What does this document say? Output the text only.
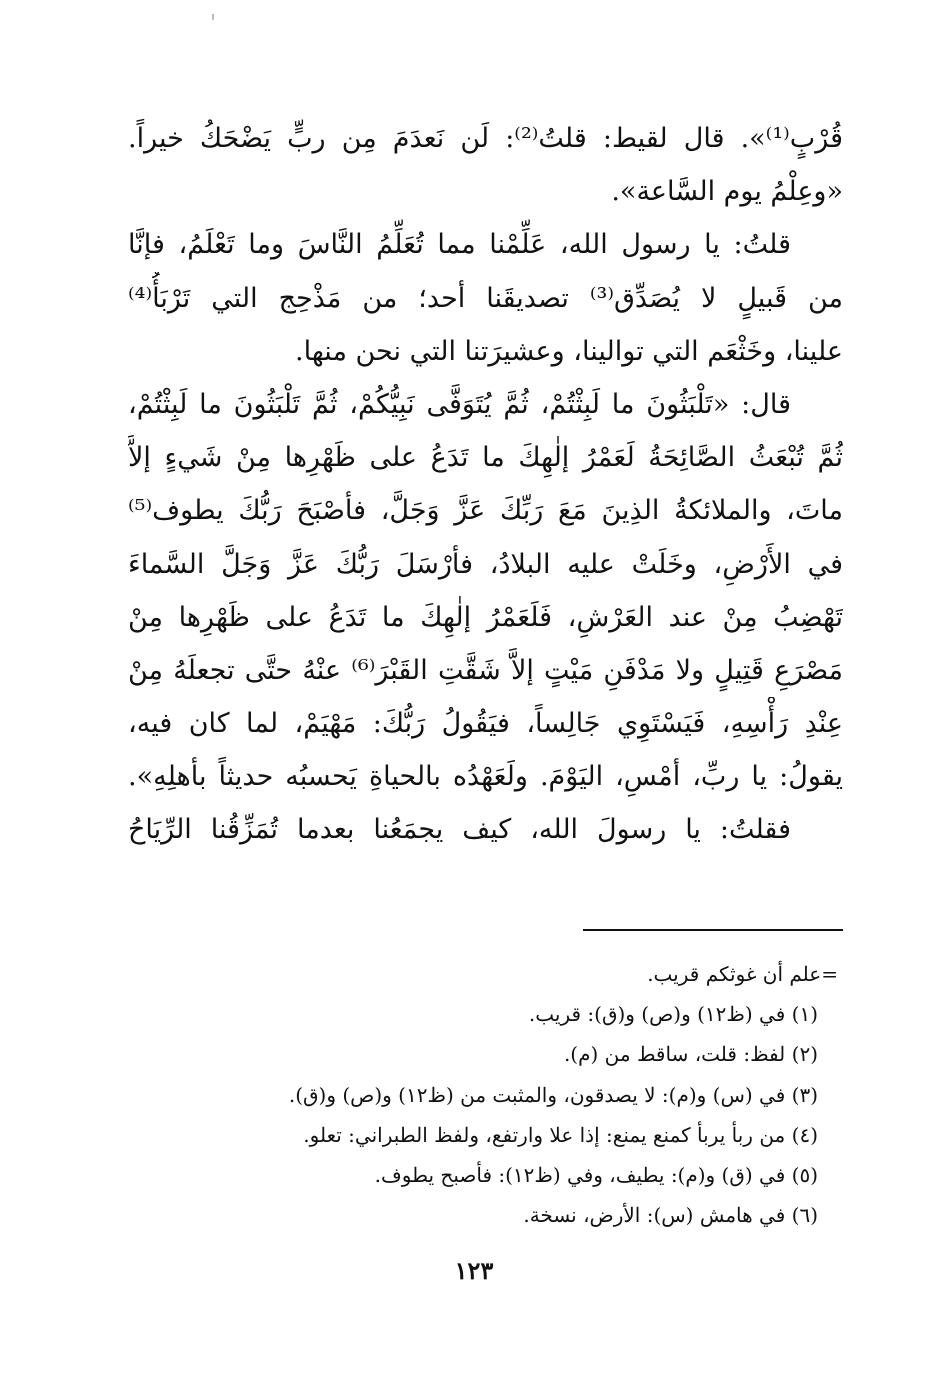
قُرْبٍ⁽¹⁾». قال لقيط: قلتُ⁽²⁾: لَن نَعدَمَ مِن ربٍّ يَضْحَكُ خيراً.
«وعِلْمُ يوم السَّاعة».
قلتُ: يا رسول الله، عَلِّمْنا مما تُعَلِّمُ النَّاسَ وما تَعْلَمُ، فإنَّا
من قَبيلٍ لا يُصَدِّق⁽³⁾ تصديقَنا أحد؛ من مَذْحِج التي تَرْبَأُ⁽⁴⁾
علينا، وخَثْعَم التي توالينا، وعشيرَتنا التي نحن منها.
قال: «تَلْبَثُونَ ما لَبِثْتُمْ، ثُمَّ يُتَوَفَّى نَبِيُّكُمْ، ثُمَّ تَلْبَثُونَ ما لَبِثْتُمْ،
ثُمَّ تُبْعَثُ الصَّائِحَةُ لَعَمْرُ إلٰهِكَ ما تَدَعُ على ظَهْرِها مِنْ شَيءٍ إلاَّ
ماتَ، والملائكةُ الذِينَ مَعَ رَبِّكَ عَزَّ وَجَلَّ، فأصْبَحَ رَبُّكَ يطوف⁽⁵⁾
في الأَرْضِ، وخَلَتْ عليه البلادُ، فأرْسَلَ رَبُّكَ عَزَّ وَجَلَّ السَّماءَ
تَهْضِبُ مِنْ عند العَرْشِ، فَلَعَمْرُ إلٰهِكَ ما تَدَعُ على ظَهْرِها مِنْ
مَصْرَعِ قَتِيلٍ ولا مَدْفَنِ مَيْتٍ إلاَّ شَقَّتِ القَبْرَ⁽⁶⁾ عنْهُ حتَّى تجعلَهُ مِنْ
عِنْدِ رَأْسِهِ، فَيَسْتَوِي جَالِساً، فيَقُولُ رَبُّكَ: مَهْيَمْ، لما كان فيه،
يقولُ: يا ربِّ، أمْسِ، اليَوْمَ. ولَعَهْدُه بالحياةِ يَحسبُه حديثاً بأهلِهِ».
فقلتُ: يا رسولَ الله، كيف يجمَعُنا بعدما تُمَزِّقُنا الرِّيَاحُ
=علم أن غوثكم قريب.
(١) في (ظ١٢) و(ص) و(ق): قريب.
(٢) لفظ: قلت، ساقط من (م).
(٣) في (س) و(م): لا يصدقون، والمثبت من (ظ١٢) و(ص) و(ق).
(٤) من ربأ يربأ كمنع يمنع: إذا علا وارتفع، ولفظ الطبراني: تعلو.
(٥) في (ق) و(م): يطيف، وفي (ظ١٢): فأصبح يطوف.
(٦) في هامش (س): الأرض، نسخة.
١٢٣
